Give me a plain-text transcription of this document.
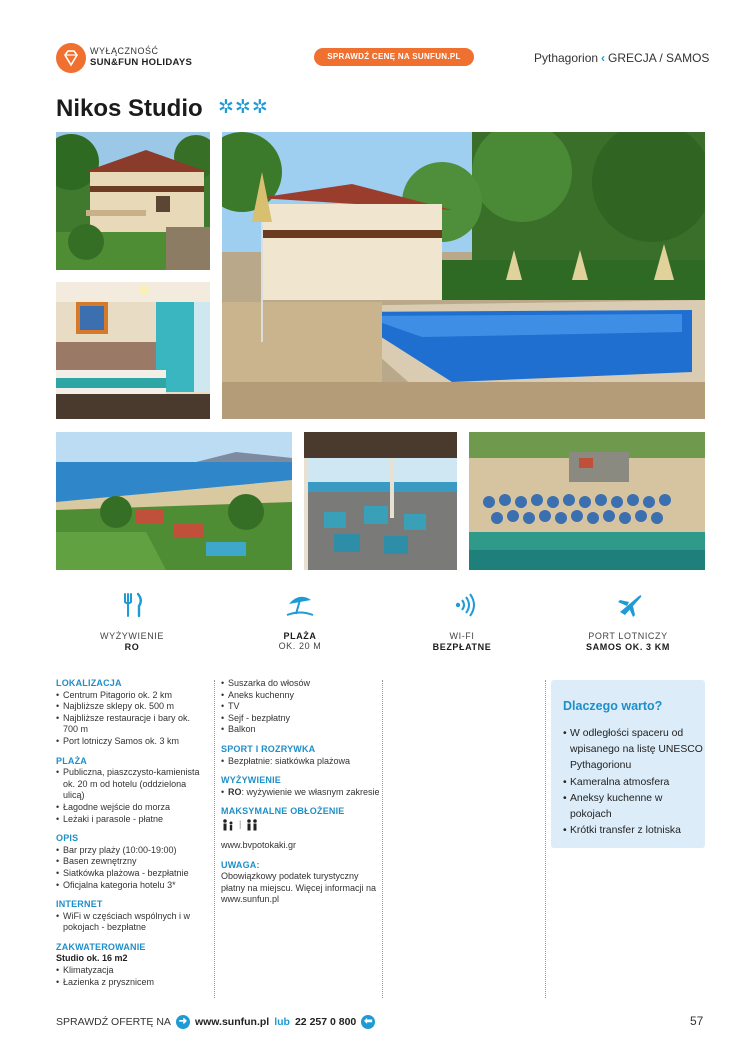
WYŁĄCZNOŚĆ
SUN&FUN HOLIDAYS
SPRAWDŹ CENĘ NA SUNFUN.PL	Pythagorion ‹ GRECJA / SAMOS
Nikos Studio ✲✲✲
WYŻYWIENIE
RO
PLAŻA
OK. 20 M
WI-FI
BEZPŁATNE
PORT LOTNICZY
SAMOS OK. 3 KM
LOKALIZACJA
• Centrum Pitagorio ok. 2 km
• Najbliższe sklepy ok. 500 m
• Najbliższe restauracje i bary ok. 700 m
• Port lotniczy Samos ok. 3 km
PLAŻA
• Publiczna, piaszczysto-kamienista ok. 20 m od hotelu (oddzielona ulicą)
• Łagodne wejście do morza
• Leżaki i parasole - płatne
OPIS
• Bar przy plaży (10:00-19:00)
• Basen zewnętrzny
• Siatkówka plażowa - bezpłatnie
• Oficjalna kategoria hotelu 3*
INTERNET
• WiFi w częściach wspólnych i w pokojach - bezpłatne
ZAKWATEROWANIE
Studio ok. 16 m2
• Klimatyzacja
• Łazienka z prysznicem
• Suszarka do włosów
• Aneks kuchenny
• TV
• Sejf - bezpłatny
• Balkon
SPORT I ROZRYWKA
• Bezpłatnie: siatkówka plażowa
WYŻYWIENIE
• RO: wyżywienie we własnym zakresie
MAKSYMALNE OBŁOŻENIE
|
www.bvpotokaki.gr
UWAGA:

Obowiązkowy podatek turystyczny płatny na miejscu. Więcej informacji na www.sunfun.pl

Dlaczego warto?
• W odległości spaceru od wpisanego na listę UNESCO Pythagorionu
• Kameralna atmosfera
• Aneksy kuchenne w pokojach
• Krótki transfer z lotniska
SPRAWDŹ OFERTĘ NA ➜ www.sunfun.pl lub 22 257 0 800 ⬅	57
